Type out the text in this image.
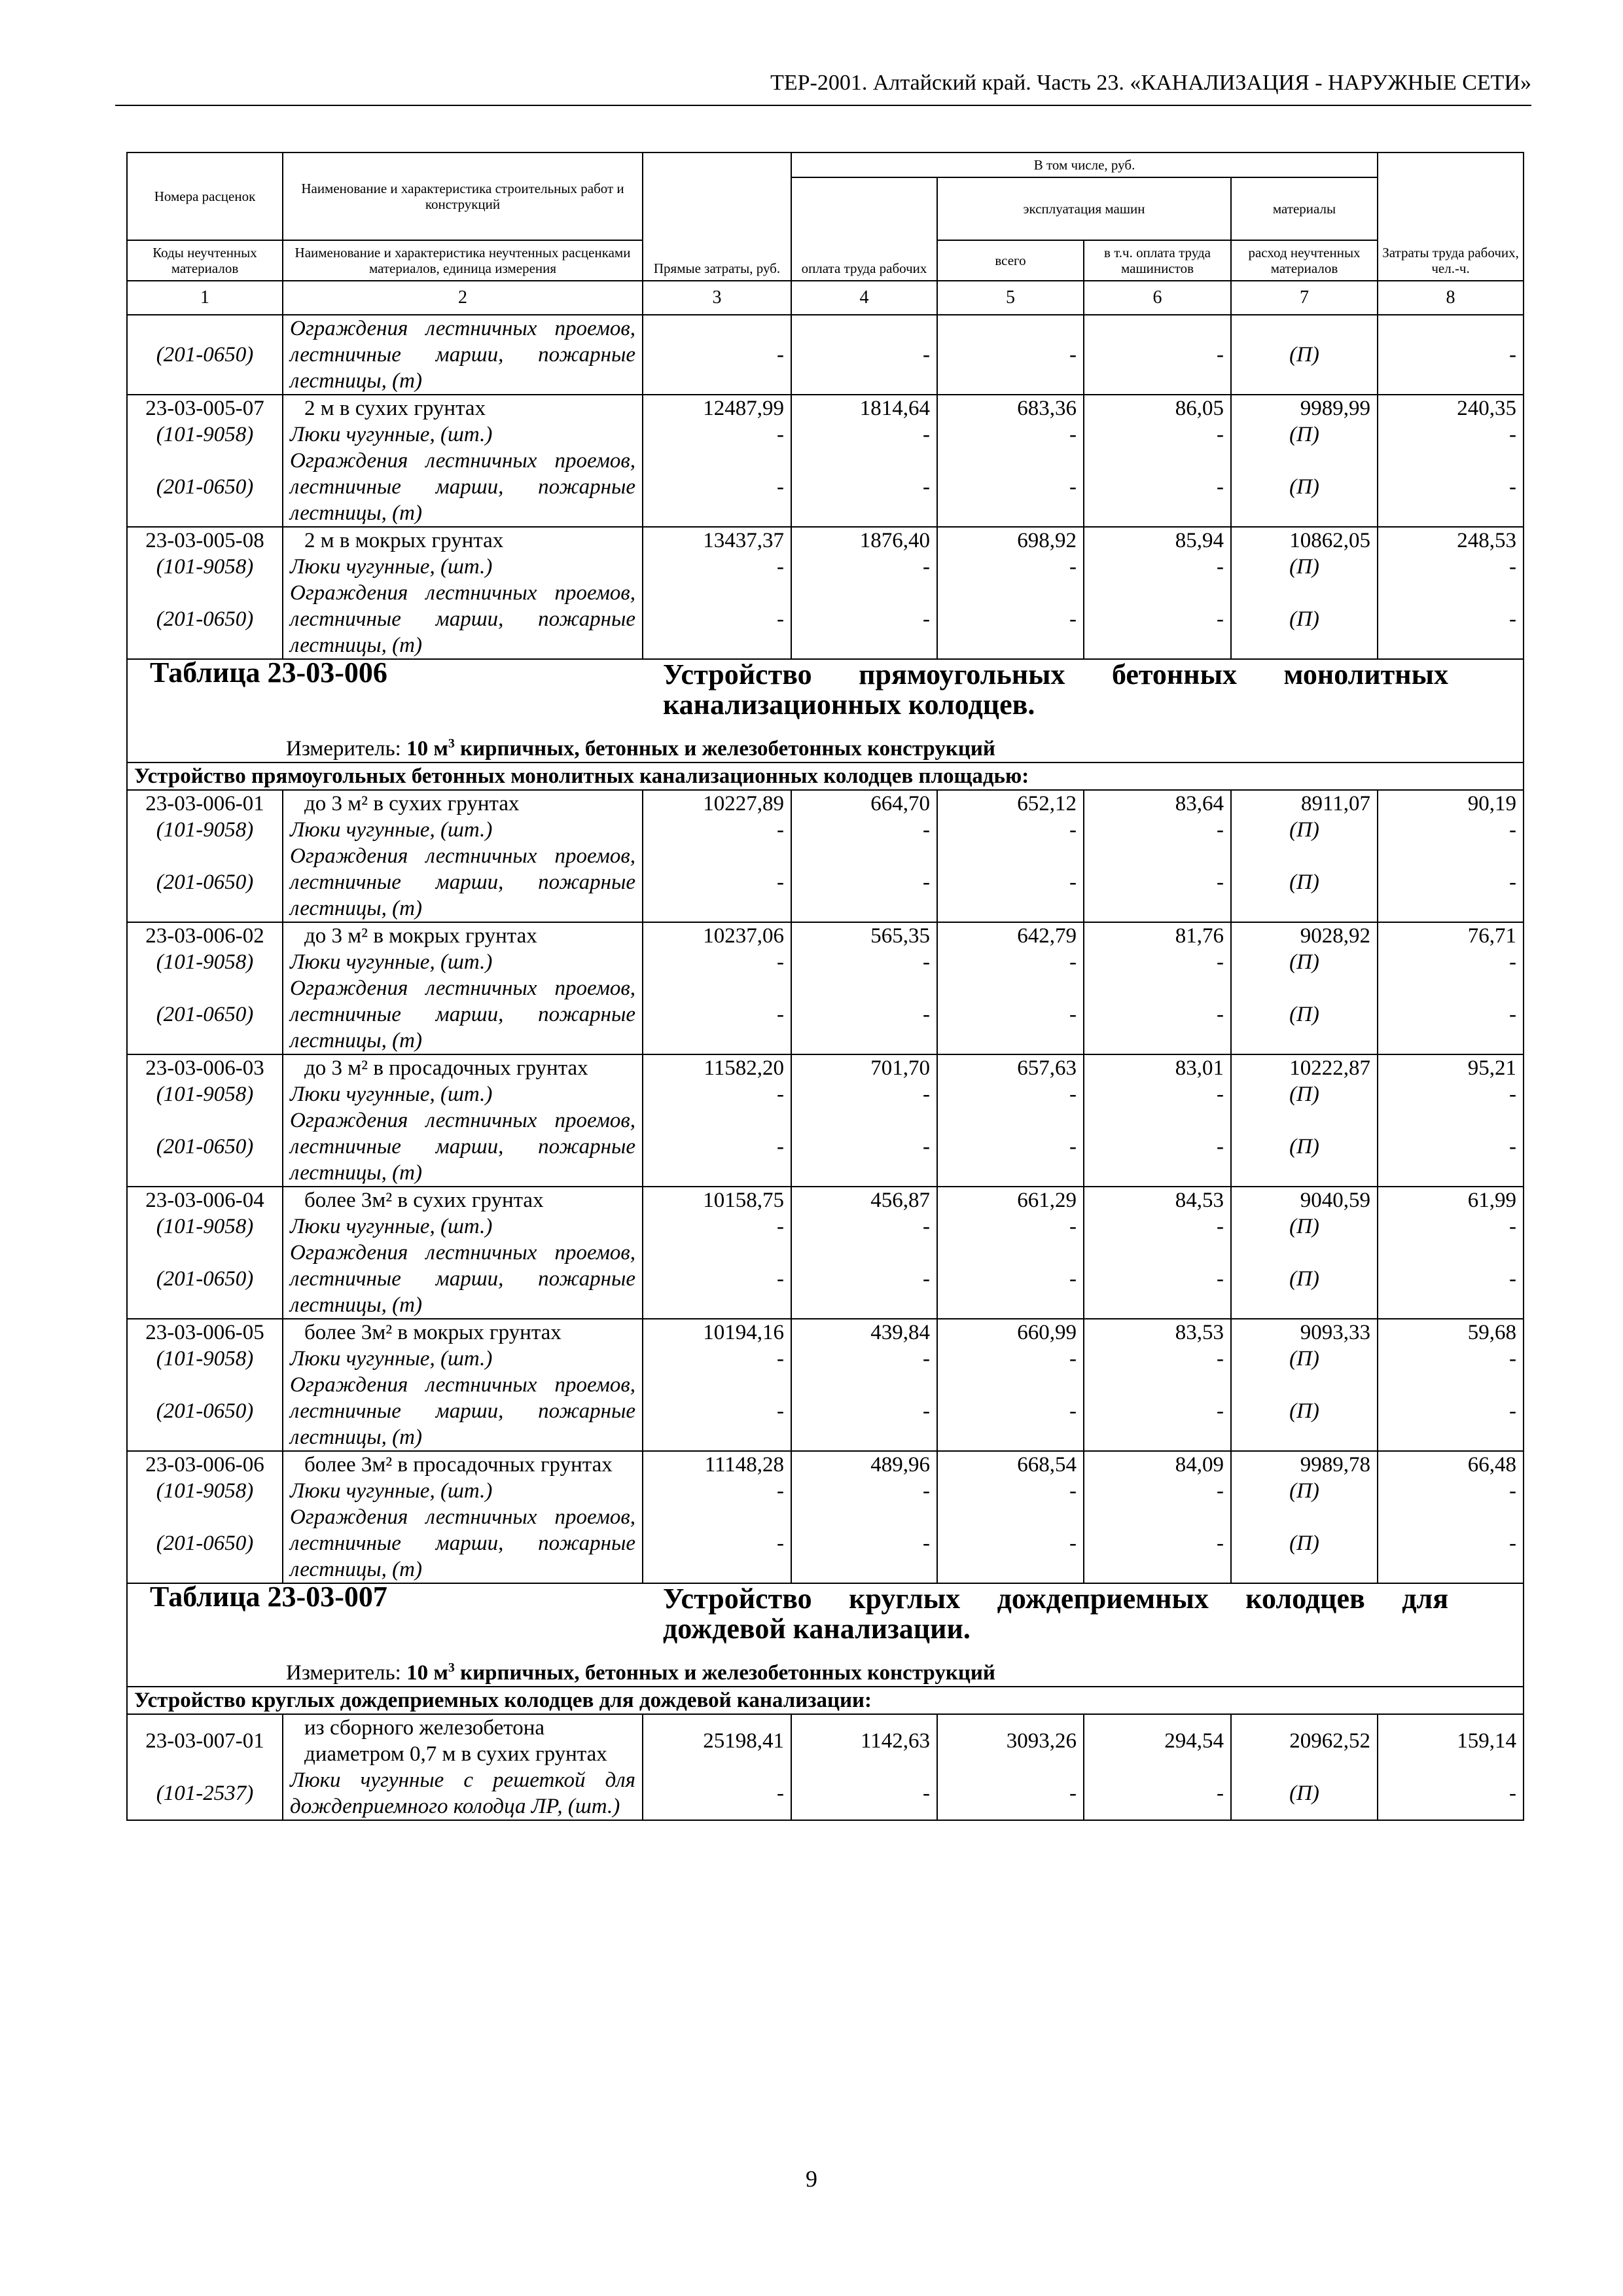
ТЕР-2001. Алтайский край. Часть 23. «КАНАЛИЗАЦИЯ - НАРУЖНЫЕ СЕТИ»
Номера расценок	Наименование и характеристика строительных работ и конструкций	Прямые затраты, руб.	В том числе, руб.				Затраты труда рабочих, чел.-ч.
			оплата труда рабочих	эксплуатация машин		материалы	
Коды неучтенных материалов	Наименование и характеристика неучтенных расценками материалов, единица измерения			всего	в т.ч. оплата труда машинистов	расход неучтенных материалов	
1	2	3	4	5	6	7	8
(201-0650)	Ограждения лестничных проемов, лестничные марши, пожарные лестницы, (т)	-	-	-	-	(П)	-
23-03-005-07	2 м в сухих грунтах	12487,99	1814,64	683,36	86,05	9989,99	240,35
(101-9058)	Люки чугунные, (шт.)	-	-	-	-	(П)	-
(201-0650)	Ограждения лестничных проемов, лестничные марши, пожарные лестницы, (т)	-	-	-	-	(П)	-
23-03-005-08	2 м в мокрых грунтах	13437,37	1876,40	698,92	85,94	10862,05	248,53
(101-9058)	Люки чугунные, (шт.)	-	-	-	-	(П)	-
(201-0650)	Ограждения лестничных проемов, лестничные марши, пожарные лестницы, (т)	-	-	-	-	(П)	-

Таблица 23-03-006 Устройство прямоугольных бетонных монолитных канализационных колодцев.
Измеритель: 10 $м^3$ кирпичных, бетонных и железобетонных конструкций							

Устройство прямоугольных бетонных монолитных канализационных колодцев площадью:							
23-03-006-01	до 3 м² в сухих грунтах	10227,89	664,70	652,12	83,64	8911,07	90,19
(101-9058)	Люки чугунные, (шт.)	-	-	-	-	(П)	-
(201-0650)	Ограждения лестничных проемов, лестничные марши, пожарные лестницы, (т)	-	-	-	-	(П)	-
23-03-006-02	до 3 м² в мокрых грунтах	10237,06	565,35	642,79	81,76	9028,92	76,71
(101-9058)	Люки чугунные, (шт.)	-	-	-	-	(П)	-
(201-0650)	Ограждения лестничных проемов, лестничные марши, пожарные лестницы, (т)	-	-	-	-	(П)	-
23-03-006-03	до 3 м² в просадочных грунтах	11582,20	701,70	657,63	83,01	10222,87	95,21
(101-9058)	Люки чугунные, (шт.)	-	-	-	-	(П)	-
(201-0650)	Ограждения лестничных проемов, лестничные марши, пожарные лестницы, (т)	-	-	-	-	(П)	-
23-03-006-04	более 3м² в сухих грунтах	10158,75	456,87	661,29	84,53	9040,59	61,99
(101-9058)	Люки чугунные, (шт.)	-	-	-	-	(П)	-
(201-0650)	Ограждения лестничных проемов, лестничные марши, пожарные лестницы, (т)	-	-	-	-	(П)	-
23-03-006-05	более 3м² в мокрых грунтах	10194,16	439,84	660,99	83,53	9093,33	59,68
(101-9058)	Люки чугунные, (шт.)	-	-	-	-	(П)	-
(201-0650)	Ограждения лестничных проемов, лестничные марши, пожарные лестницы, (т)	-	-	-	-	(П)	-
23-03-006-06	более 3м² в просадочных грунтах	11148,28	489,96	668,54	84,09	9989,78	66,48
(101-9058)	Люки чугунные, (шт.)	-	-	-	-	(П)	-
(201-0650)	Ограждения лестничных проемов, лестничные марши, пожарные лестницы, (т)	-	-	-	-	(П)	-

Таблица 23-03-007 Устройство круглых дождеприемных колодцев для дождевой канализации.
Измеритель: 10 $м^3$ кирпичных, бетонных и железобетонных конструкций							

Устройство круглых дождеприемных колодцев для дождевой канализации:							
23-03-007-01	из сборного железобетона диаметром 0,7 м в сухих грунтах	25198,41	1142,63	3093,26	294,54	20962,52	159,14
(101-2537)	Люки чугунные с решеткой для дождеприемного колодца ЛР, (шт.)	-	-	-	-	(П)	-
9
